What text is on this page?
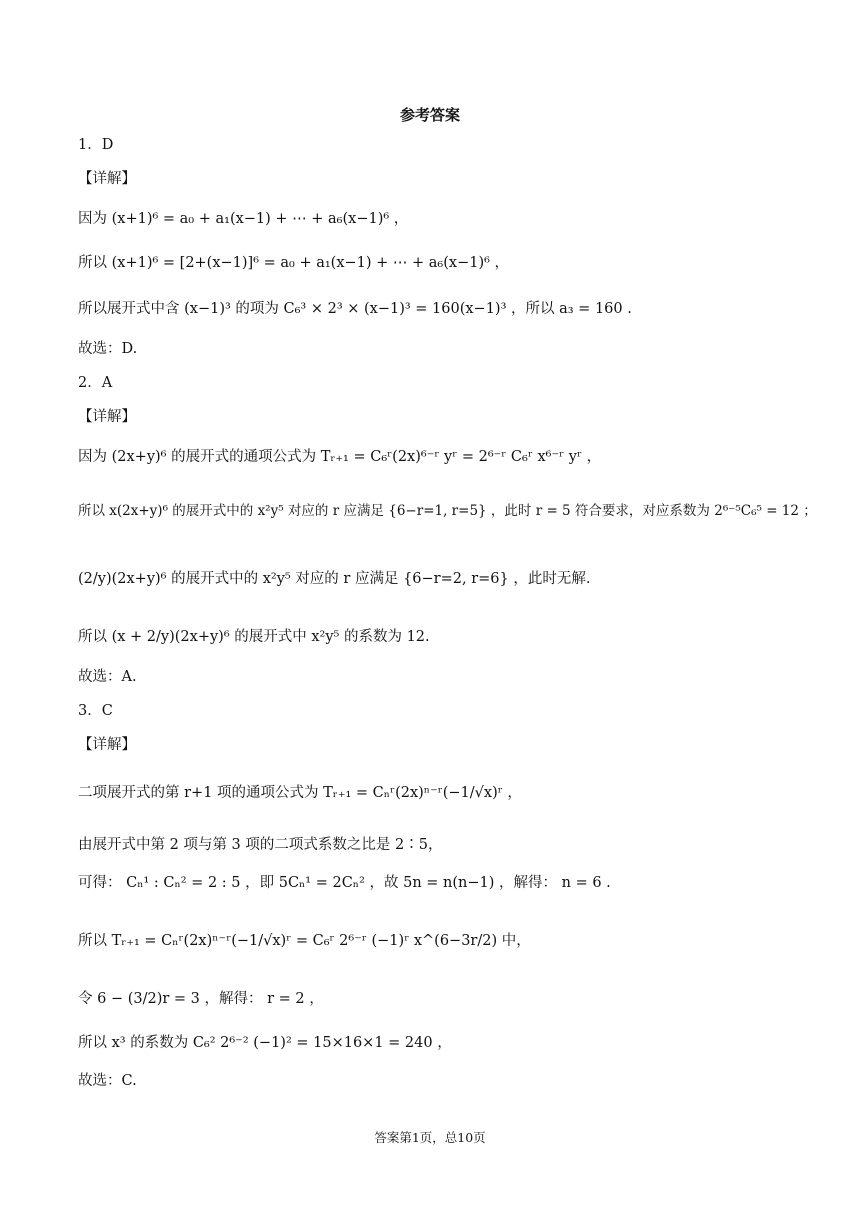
参考答案
1．D
【详解】
因为 (x+1)⁶ = a₀ + a₁(x−1) + ⋯ + a₆(x−1)⁶ ，
所以 (x+1)⁶ = [2+(x−1)]⁶ = a₀ + a₁(x−1) + ⋯ + a₆(x−1)⁶ ，
所以展开式中含 (x−1)³ 的项为 C₆³ × 2³ × (x−1)³ = 160(x−1)³ ，所以 a₃ = 160 .
故选：D.
2．A
【详解】
因为 (2x+y)⁶ 的展开式的通项公式为 Tᵣ₊₁ = C₆ʳ(2x)⁶⁻ʳ yʳ = 2⁶⁻ʳ C₆ʳ x⁶⁻ʳ yʳ ，
所以 x(2x+y)⁶ 的展开式中的 x²y⁵ 对应的 r 应满足 {6−r=1, r=5} ，此时 r = 5 符合要求，对应系数为 2⁶⁻⁵C₆⁵ = 12 ；
(2/y)(2x+y)⁶ 的展开式中的 x²y⁵ 对应的 r 应满足 {6−r=2, r=6} ，此时无解.
所以 (x + 2/y)(2x+y)⁶ 的展开式中 x²y⁵ 的系数为 12.
故选：A.
3．C
【详解】
二项展开式的第 r+1 项的通项公式为 Tᵣ₊₁ = Cₙʳ(2x)ⁿ⁻ʳ(−1/√x)ʳ ，
由展开式中第 2 项与第 3 项的二项式系数之比是 2∶5，
可得： Cₙ¹ : Cₙ² = 2 : 5 ，即 5Cₙ¹ = 2Cₙ² ，故 5n = n(n−1) ，解得： n = 6 .
所以 Tᵣ₊₁ = Cₙʳ(2x)ⁿ⁻ʳ(−1/√x)ʳ = C₆ʳ 2⁶⁻ʳ (−1)ʳ x^(6−3r/2) 中，
令 6 − (3/2)r = 3 ，解得： r = 2 ，
所以 x³ 的系数为 C₆² 2⁶⁻² (−1)² = 15×16×1 = 240 ，
故选：C.
答案第1页，总10页
